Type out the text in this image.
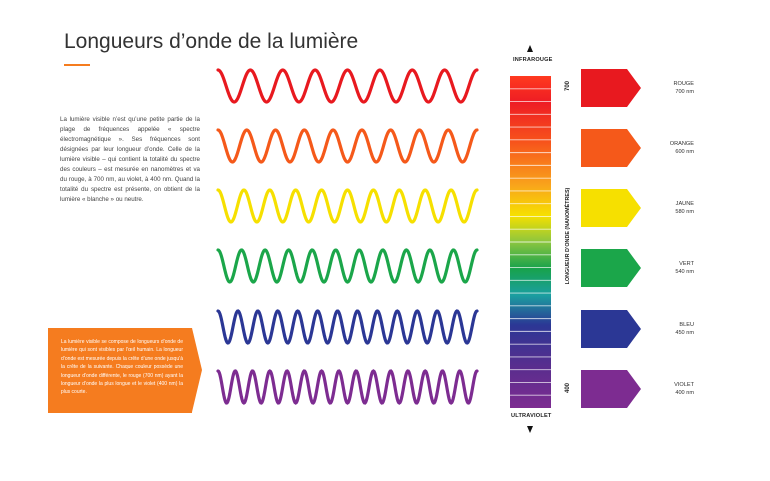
Longueurs d’onde de la lumière
La lumière visible n’est qu’une petite partie de la plage de fréquences appelée « spectre électromagnétique ». Ses fréquences sont désignées par leur longueur d’onde. Celle de la lumière visible – qui contient la totalité du spectre des couleurs – est mesurée en nanomètres et va du rouge, à 700 nm, au violet, à 400 nm. Quand la totalité du spectre est présente, on obtient de la lumière « blanche » ou neutre.
La lumière visible se compose de longueurs d’onde de lumière qui sont visibles par l’œil humain. La longueur d’onde est mesurée depuis la crête d’une onde jusqu’à la crête de la suivante. Chaque couleur possède une longueur d’onde différente, le rouge (700 nm) ayant la longueur d’onde la plus longue et le violet (400 nm) la plus courte.
INFRAROUGE
ULTRAVIOLET
LONGUEUR D’ONDE (NANOMÈTRES)
700
400
ROUGE
700 nm
ORANGE
600 nm
JAUNE
580 nm
VERT
540 nm
BLEU
450 nm
VIOLET
400 nm
